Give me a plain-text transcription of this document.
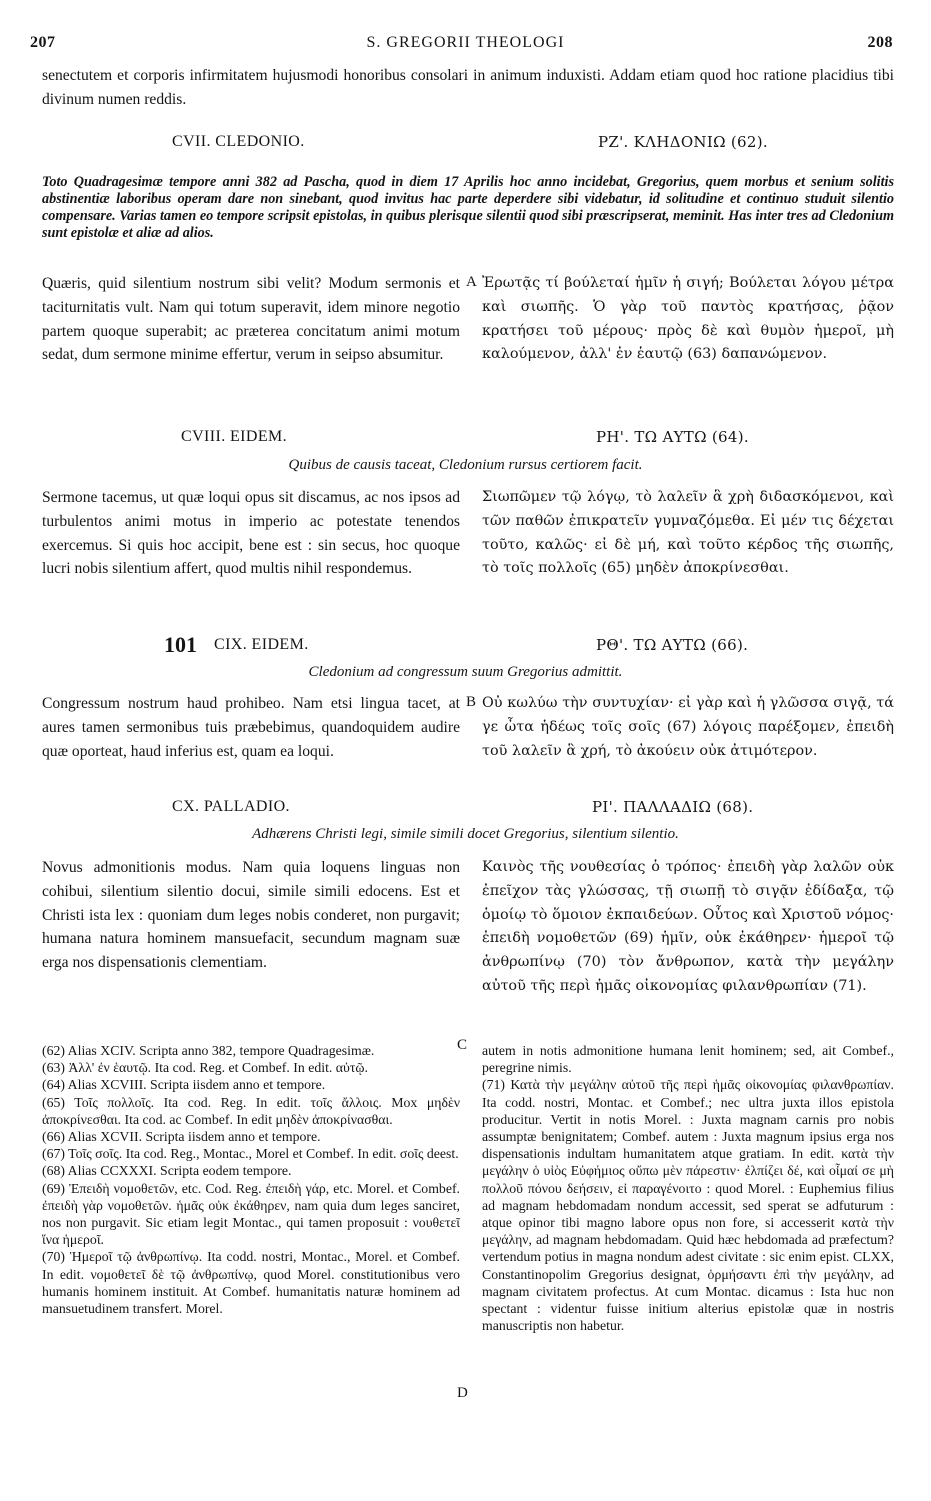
207	S. GREGORII THEOLOGI	208

senectutem et corporis infirmitatem hujusmodi honoribus consolari in animum induxisti. Addam etiam quod hoc ratione placidius tibi divinum numen reddis.

CVII. CLEDONIO.	ΡΖ'. ΚΛΗΔΟΝΙΩ (62).

Toto Quadragesimæ tempore anni 382 ad Pascha, quod in diem 17 Aprilis hoc anno incidebat, Gregorius, quem morbus et senium solitis abstinentiæ laboribus operam dare non sinebant, quod invitus hac parte deperdere sibi videbatur, id solitudine et continuo studuit silentio compensare. Varias tamen eo tempore scripsit epistolas, in quibus plerisque silentii quod sibi præscripserat, meminit. Has inter tres ad Cledonium sunt epistolæ et aliæ ad alios.

Quæris, quid silentium nostrum sibi velit? Modum sermonis et taciturnitatis vult. Nam qui totum superavit, idem minore negotio partem quoque superabit; ac præterea concitatum animi motum sedat, dum sermone minime effertur, verum in seipso absumitur.

A Ἐρωτᾷς τί βούλεταί ἡμῖν ἡ σιγή; Βούλεται λόγου μέτρα καὶ σιωπῆς. Ὁ γὰρ τοῦ παντὸς κρατήσας, ῥᾷον κρατήσει τοῦ μέρους· πρὸς δὲ καὶ θυμὸν ἡμεροῖ, μὴ καλούμενον, ἀλλ' ἐν ἑαυτῷ (63) δαπανώμενον.

CVIII. EIDEM.	ΡΗ'. ΤΩ ΑΥΤΩ (64).
Quibus de causis taceat, Cledonium rursus certiorem facit.

Sermone tacemus, ut quæ loqui opus sit discamus, ac nos ipsos ad turbulentos animi motus in imperio ac potestate tenendos exercemus. Si quis hoc accipit, bene est : sin secus, hoc quoque lucri nobis silentium affert, quod multis nihil respondemus.

Σιωπῶμεν τῷ λόγῳ, τὸ λαλεῖν ἃ χρὴ διδασκόμενοι, καὶ τῶν παθῶν ἐπικρατεῖν γυμναζόμεθα. Εἰ μέν τις δέχεται τοῦτο, καλῶς· εἰ δὲ μή, καὶ τοῦτο κέρδος τῆς σιωπῆς, τὸ τοῖς πολλοῖς (65) μηδὲν ἀποκρίνεσθαι.

101 CIX. EIDEM.	ΡΘ'. ΤΩ ΑΥΤΩ (66).
Cledonium ad congressum suum Gregorius admittit.

Congressum nostrum haud prohibeo. Nam etsi lingua tacet, at aures tamen sermonibus tuis præbebimus, quandoquidem audire quæ oporteat, haud inferius est, quam ea loqui.

B Οὐ κωλύω τὴν συντυχίαν· εἰ γὰρ καὶ ἡ γλῶσσα σιγᾷ, τά γε ὦτα ἡδέως τοῖς σοῖς (67) λόγοις παρέξομεν, ἐπειδὴ τοῦ λαλεῖν ἃ χρή, τὸ ἀκούειν οὐκ ἀτιμότερον.

CX. PALLADIO.	ΡΙ'. ΠΑΛΛΑΔΙΩ (68).
Adhærens Christi legi, simile simili docet Gregorius, silentium silentio.

Novus admonitionis modus. Nam quia loquens linguas non cohibui, silentium silentio docui, simile simili edocens. Est et Christi ista lex : quoniam dum leges nobis conderet, non purgavit; humana natura hominem mansuefacit, secundum magnam suæ erga nos dispensationis clementiam.

Καινὸς τῆς νουθεσίας ὁ τρόπος· ἐπειδὴ γὰρ λαλῶν οὐκ ἐπεῖχον τὰς γλώσσας, τῇ σιωπῇ τὸ σιγᾷν ἐδίδαξα, τῷ ὁμοίῳ τὸ ὅμοιον ἐκπαιδεύων. Οὗτος καὶ Χριστοῦ νόμος· ἐπειδὴ νομοθετῶν (69) ἡμῖν, οὐκ ἐκάθηρεν· ἡμεροῖ τῷ ἀνθρωπίνῳ (70) τὸν ἄνθρωπον, κατὰ τὴν μεγάλην αὐτοῦ τῆς περὶ ἡμᾶς οἰκονομίας φιλανθρωπίαν (71).

(62) Alias XCIV. Scripta anno 382, tempore Quadragesimæ.

(63) Ἀλλ' ἐν ἑαυτῷ. Ita cod. Reg. et Combef. In edit. αὐτῷ.

(64) Alias XCVIII. Scripta iisdem anno et tempore.

(65) Τοῖς πολλοῖς. Ita cod. Reg. In edit. τοῖς ἄλλοις. Mox μηδὲν ἀποκρίνεσθαι. Ita cod. ac Combef. In edit μηδὲν ἀποκρίνασθαι.

(66) Alias XCVII. Scripta iisdem anno et tempore.

(67) Τοῖς σοῖς. Ita cod. Reg., Montac., Morel et Combef. In edit. σοῖς deest.

(68) Alias CCXXXI. Scripta eodem tempore.

(69) Ἐπειδὴ νομοθετῶν, etc. Cod. Reg. ἐπειδὴ γάρ, etc. Morel. et Combef. ἐπειδὴ γὰρ νομοθετῶν. ἡμᾶς οὐκ ἐκάθηρεν, nam quia dum leges sanciret, nos non purgavit. Sic etiam legit Montac., qui tamen proposuit : νουθετεῖ ἵνα ἡμεροῖ.

(70) Ἡμεροῖ τῷ ἀνθρωπίνῳ. Ita codd. nostri, Montac., Morel. et Combef. In edit. νομοθετεῖ δὲ τῷ ἀνθρωπίνῳ, quod Morel. constitutionibus vero humanis hominem instituit. At Combef. humanitatis naturæ hominem ad mansuetudinem transfert. Morel.

C
D

autem in notis admonitione humana lenit hominem; sed, ait Combef., peregrine nimis.

(71) Κατὰ τὴν μεγάλην αὐτοῦ τῆς περὶ ἡμᾶς οἰκονομίας φιλανθρωπίαν. Ita codd. nostri, Montac. et Combef.; nec ultra juxta illos epistola producitur. Vertit in notis Morel. : Juxta magnam carnis pro nobis assumptæ benignitatem; Combef. autem : Juxta magnum ipsius erga nos dispensationis indultam humanitatem atque gratiam. In edit. κατὰ τὴν μεγάλην ὁ υἱὸς Εὐφήμιος οὔπω μὲν πάρεστιν· ἐλπίζει δέ, καὶ οἶμαί σε μὴ πολλοῦ πόνου δεήσειν, εἰ παραγένοιτο : quod Morel. : Euphemius filius ad magnam hebdomadam nondum accessit, sed sperat se adfuturum : atque opinor tibi magno labore opus non fore, si accesserit κατὰ τὴν μεγάλην, ad magnam hebdomadam. Quid hæc hebdomada ad præfectum? vertendum potius in magna nondum adest civitate : sic enim epist. CLXX, Constantinopolim Gregorius designat, ὁρμήσαντι ἐπὶ τὴν μεγάλην, ad magnam civitatem profectus. At cum Montac. dicamus : Ista huc non spectant : videntur fuisse initium alterius epistolæ quæ in nostris manuscriptis non habetur.
